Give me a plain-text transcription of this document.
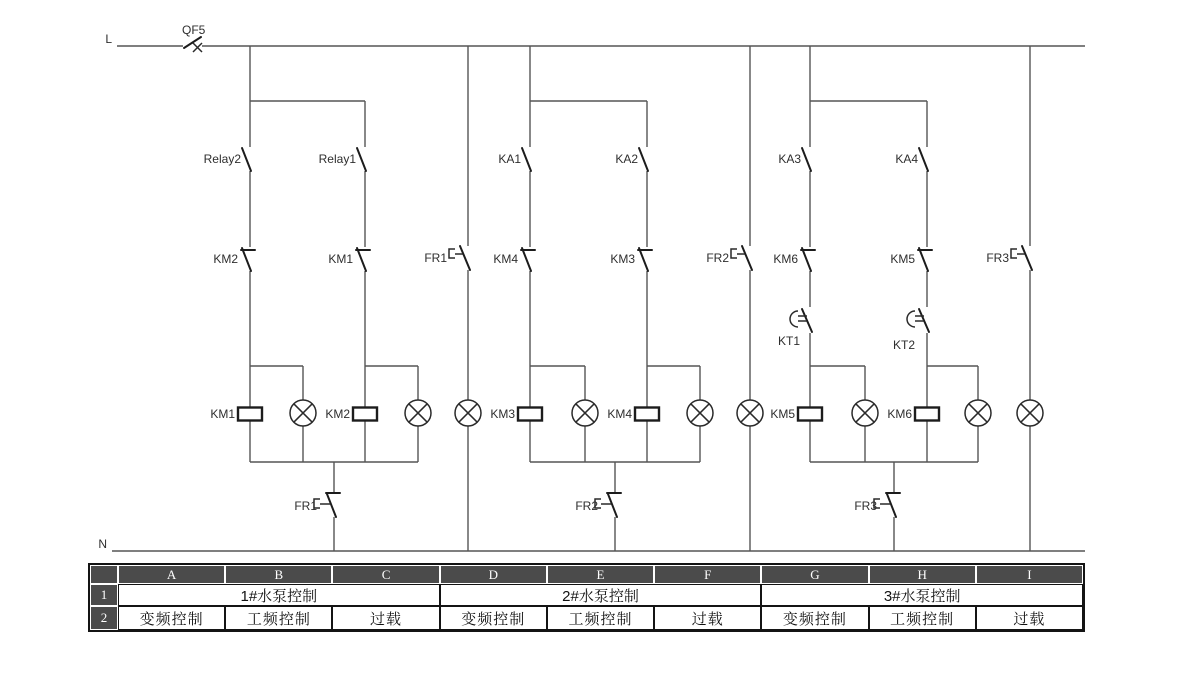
L
QF5
N
Relay2	Relay1	KA1	KA2	KA3	KA4
KM2	KM1	KM4	KM3	KM6	KM5
FR1	FR2	FR3
KT1	KT2
KM1	KM2	KM3	KM4	KM5	KM6
FR1	FR2	FR3
A	B	C	D	E	F	G	H	I
1	1#水泵控制	2#水泵控制	3#水泵控制
2	变频控制	工频控制	过载	变频控制	工频控制	过载	变频控制	工频控制	过载
